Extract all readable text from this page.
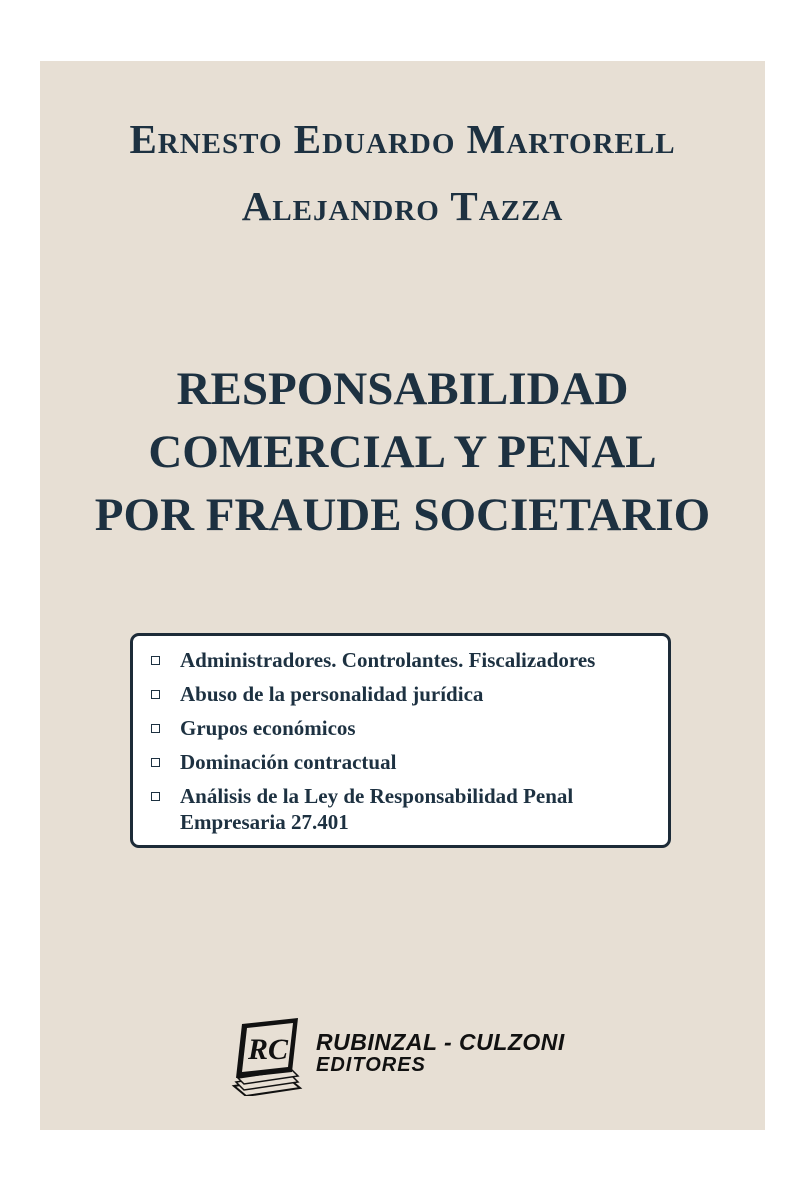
Ernesto Eduardo Martorell
Alejandro Tazza
RESPONSABILIDAD
COMERCIAL Y PENAL
POR FRAUDE SOCIETARIO
Administradores. Controlantes. Fiscalizadores
Abuso de la personalidad jurídica
Grupos económicos
Dominación contractual
Análisis de la Ley de Responsabilidad Penal
Empresaria 27.401
RC RUBINZAL - CULZONI
EDITORES
